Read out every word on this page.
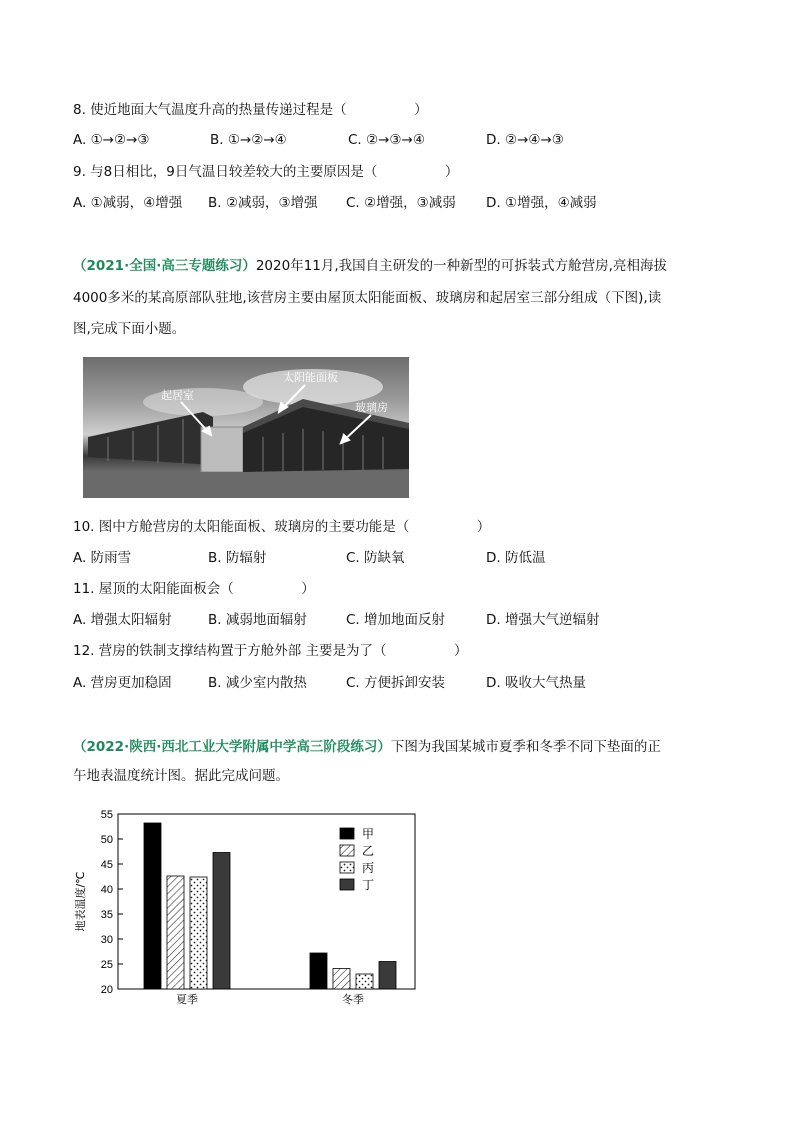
8. 使近地面大气温度升高的热量传递过程是（　　　　　）
A. ①→②→③	B. ①→②→④	C. ②→③→④	D. ②→④→③
9. 与8日相比，9日气温日较差较大的主要原因是（　　　　　）
A. ①减弱，④增强 B. ②减弱，③增强 C. ②增强，③减弱 D. ①增强，④减弱
（2021·全国·高三专题练习）2020年11月,我国自主研发的一种新型的可拆装式方舱营房,亮相海拔
4000多米的某高原部队驻地,该营房主要由屋顶太阳能面板、玻璃房和起居室三部分组成（下图),读
图,完成下面小题。
起居室
太阳能面板
玻璃房
10. 图中方舱营房的太阳能面板、玻璃房的主要功能是（　　　　　）
A. 防雨雪	B. 防辐射	C. 防缺氧	D. 防低温
11. 屋顶的太阳能面板会（　　　　　）
A. 增强太阳辐射	B. 减弱地面辐射	C. 增加地面反射	D. 增强大气逆辐射
12. 营房的铁制支撑结构置于方舱外部 主要是为了（　　　　　）
A. 营房更加稳固	B. 减少室内散热	C. 方便拆卸安装	D. 吸收大气热量
（2022·陕西·西北工业大学附属中学高三阶段练习）下图为我国某城市夏季和冬季不同下垫面的正
午地表温度统计图。据此完成问题。
20
25
30
35
40
45
50
55
地表温度/℃
夏季	冬季
甲
乙
丙
丁
